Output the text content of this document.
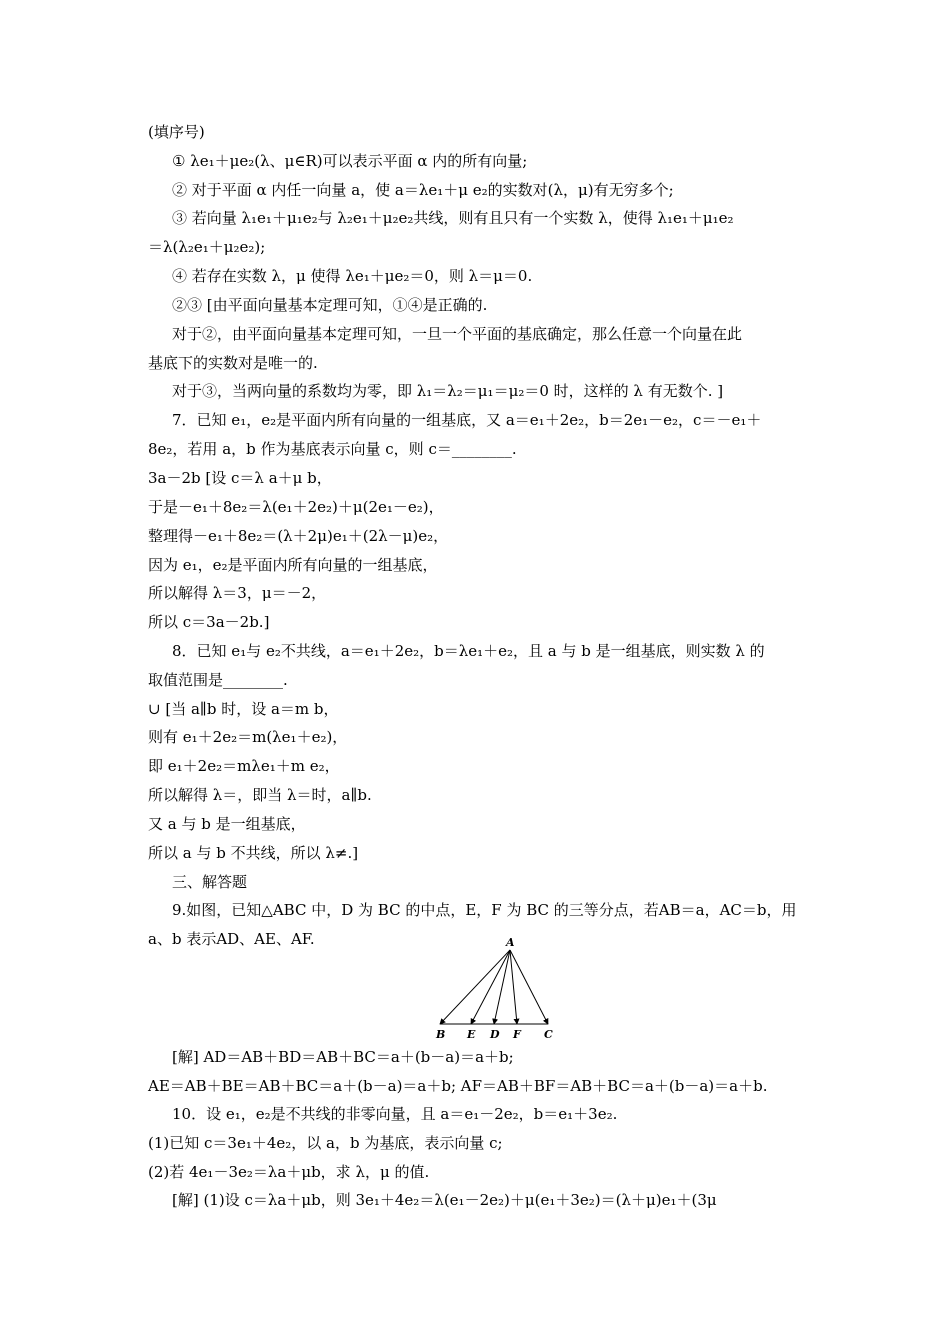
(填序号)
① λe₁＋μe₂(λ、μ∈R)可以表示平面 α 内的所有向量;
② 对于平面 α 内任一向量 a，使 a＝λe₁＋μ e₂的实数对(λ，μ)有无穷多个;
③ 若向量 λ₁e₁＋μ₁e₂与 λ₂e₁＋μ₂e₂共线，则有且只有一个实数 λ，使得 λ₁e₁＋μ₁e₂
＝λ(λ₂e₁＋μ₂e₂);
④ 若存在实数 λ，μ 使得 λe₁＋μe₂＝0，则 λ＝μ＝0.
②③ [由平面向量基本定理可知，①④是正确的.
对于②，由平面向量基本定理可知，一旦一个平面的基底确定，那么任意一个向量在此
基底下的实数对是唯一的.
对于③，当两向量的系数均为零，即 λ₁＝λ₂＝μ₁＝μ₂＝0 时，这样的 λ 有无数个. ]
7．已知 e₁，e₂是平面内所有向量的一组基底，又 a＝e₁＋2e₂，b＝2e₁－e₂，c＝－e₁＋
8e₂，若用 a，b 作为基底表示向量 c，则 c＝________.
3a－2b [设 c＝λ a＋μ b，
于是－e₁＋8e₂＝λ(e₁＋2e₂)＋μ(2e₁－e₂)，
整理得－e₁＋8e₂＝(λ＋2μ)e₁＋(2λ－μ)e₂，
因为 e₁，e₂是平面内所有向量的一组基底，
所以解得 λ＝3，μ＝－2，
所以 c＝3a－2b.]
8．已知 e₁与 e₂不共线，a＝e₁＋2e₂，b＝λe₁＋e₂，且 a 与 b 是一组基底，则实数 λ 的
取值范围是________.
∪ [当 a∥b 时，设 a＝m b，
则有 e₁＋2e₂＝m(λe₁＋e₂)，
即 e₁＋2e₂＝mλe₁＋m e₂，
所以解得 λ＝，即当 λ＝时，a∥b.
又 a 与 b 是一组基底，
所以 a 与 b 不共线，所以 λ≠.]
三、解答题
9.如图，已知△ABC 中，D 为 BC 的中点，E，F 为 BC 的三等分点，若AB＝a，AC＝b，用
a、b 表示AD、AE、AF.	A
B E D F C
[解] AD＝AB＋BD＝AB＋BC＝a＋(b－a)＝a＋b;
AE＝AB＋BE＝AB＋BC＝a＋(b－a)＝a＋b; AF＝AB＋BF＝AB＋BC＝a＋(b－a)＝a＋b.
10．设 e₁，e₂是不共线的非零向量，且 a＝e₁－2e₂，b＝e₁＋3e₂.
(1)已知 c＝3e₁＋4e₂，以 a，b 为基底，表示向量 c;
(2)若 4e₁－3e₂＝λa＋μb，求 λ，μ 的值.
[解] (1)设 c＝λa＋μb，则 3e₁＋4e₂＝λ(e₁－2e₂)＋μ(e₁＋3e₂)＝(λ＋μ)e₁＋(3μ
